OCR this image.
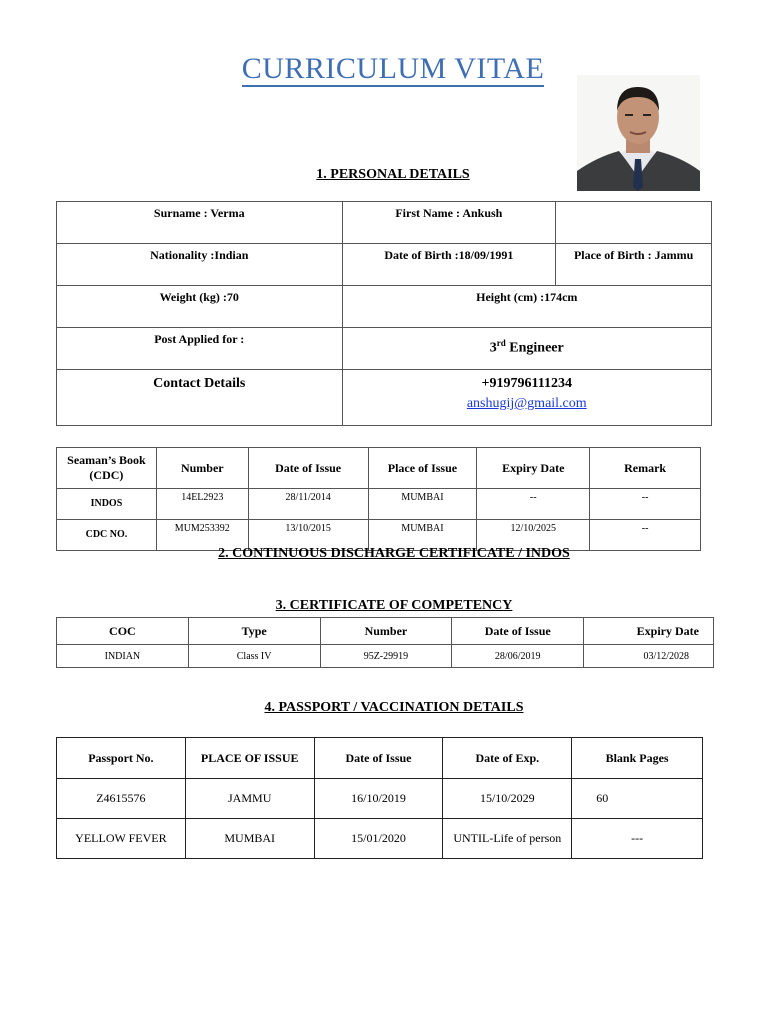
CURRICULUM VITAE
1. PERSONAL DETAILS
Surname : Verma	First Name : Ankush	
Nationality :Indian	Date of Birth :18/09/1991	Place of Birth : Jammu
Weight (kg) :70	Height (cm) :174cm	
Post Applied for :	3rd Engineer	
Contact Details	+919796111234
anshugij@gmail.com	
Seaman’s Book (CDC)	Number	Date of Issue	Place of Issue	Expiry Date	Remark
INDOS	14EL2923	28/11/2014	MUMBAI	--	--
CDC NO.	MUM253392	13/10/2015	MUMBAI	12/10/2025	--
2. CONTINUOUS DISCHARGE CERTIFICATE / INDOS
3. CERTIFICATE OF COMPETENCY
COC	Type	Number	Date of Issue	Expiry Date
INDIAN	Class IV	95Z-29919	28/06/2019	03/12/2028
4. PASSPORT / VACCINATION DETAILS
Passport No.	PLACE OF ISSUE	Date of Issue	Date of Exp.	Blank Pages
Z4615576	JAMMU	16/10/2019	15/10/2029	60
YELLOW FEVER	MUMBAI	15/01/2020	UNTIL-Life of person	---
